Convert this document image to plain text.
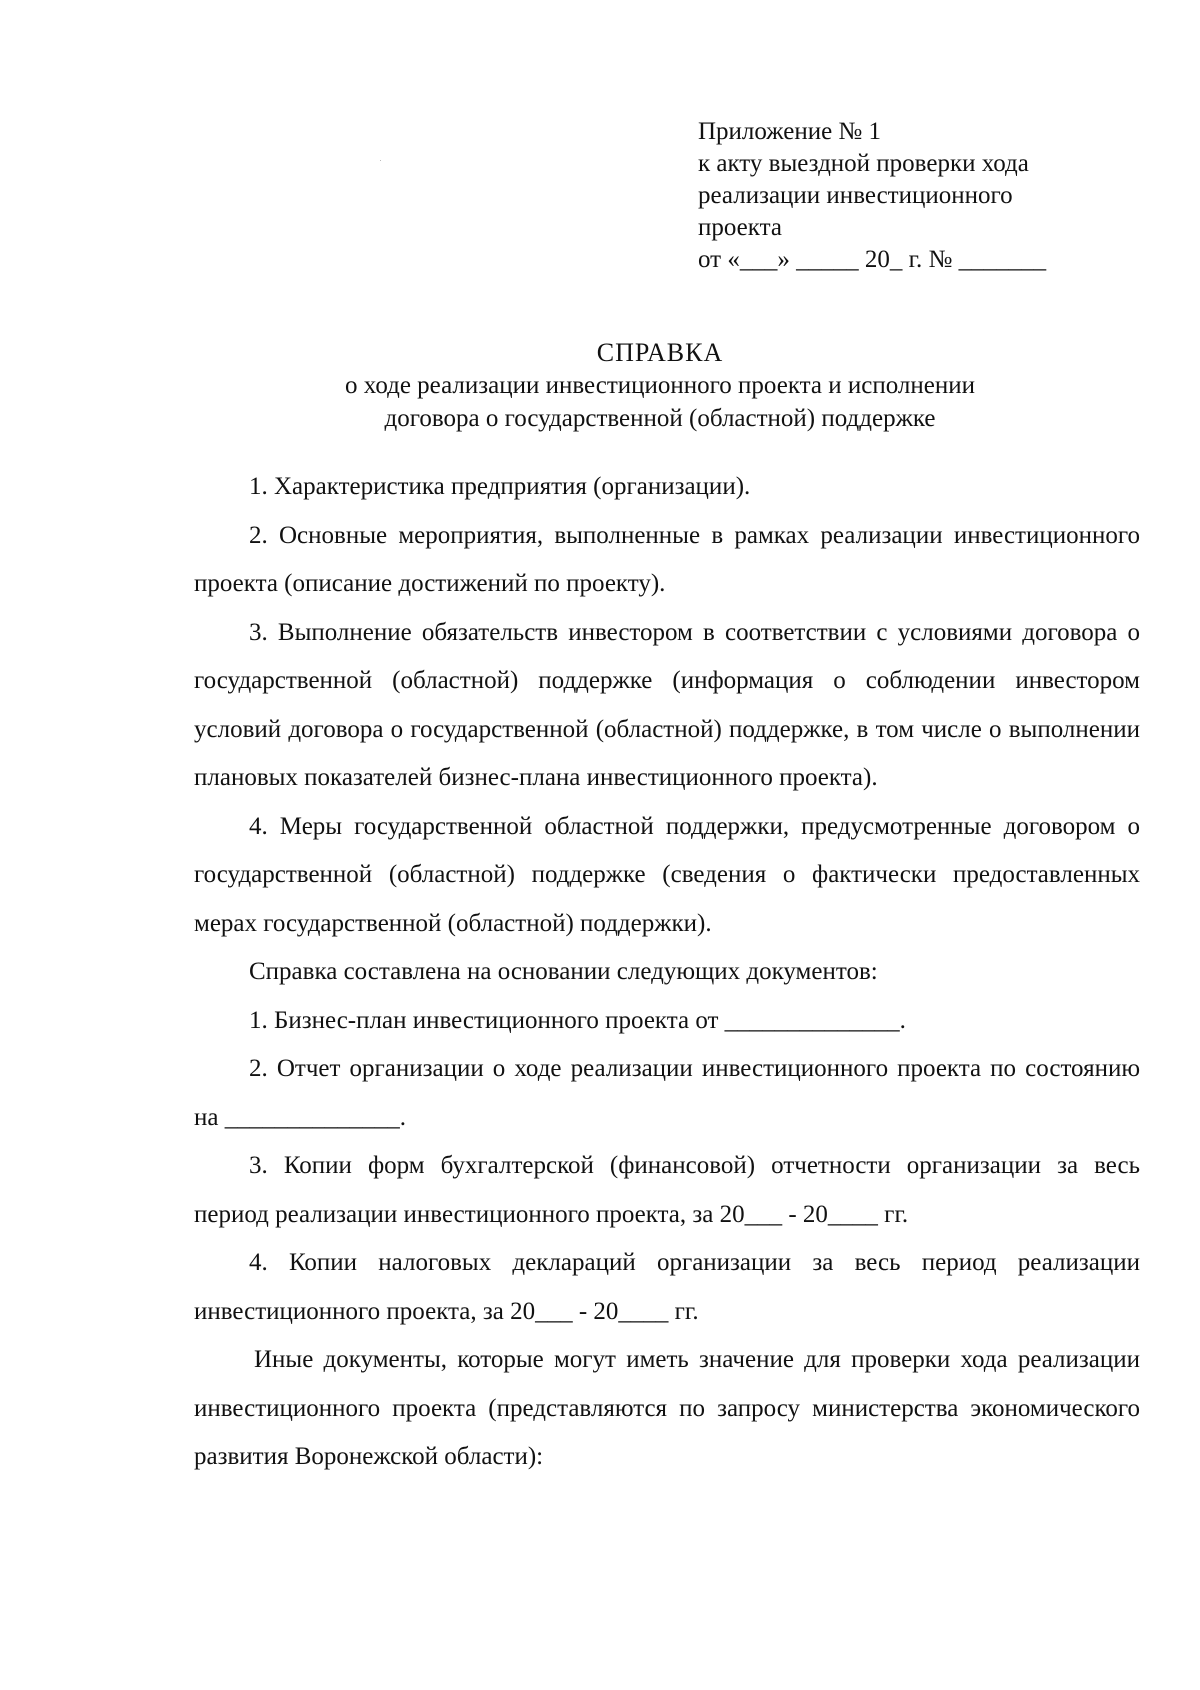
Приложение № 1
к акту выездной проверки хода
реализации инвестиционного
проекта
от «___» _____ 20_ г. № _______
СПРАВКА
о ходе реализации инвестиционного проекта и исполнении
договора о государственной (областной) поддержке

1. Характеристика предприятия (организации).

2. Основные мероприятия, выполненные в рамках реализации инвестиционного проекта (описание достижений по проекту).

3. Выполнение обязательств инвестором в соответствии с условиями договора о государственной (областной) поддержке (информация о соблюдении инвестором условий договора о государственной (областной) поддержке, в том числе о выполнении плановых показателей бизнес-плана инвестиционного проекта).

4. Меры государственной областной поддержки, предусмотренные договором о государственной (областной) поддержке (сведения о фактически предоставленных мерах государственной (областной) поддержки).

Справка составлена на основании следующих документов:

1. Бизнес-план инвестиционного проекта от ______________.

2. Отчет организации о ходе реализации инвестиционного проекта по состоянию на ______________.

3. Копии форм бухгалтерской (финансовой) отчетности организации за весь период реализации инвестиционного проекта, за 20___ - 20____ гг.

4. Копии налоговых деклараций организации за весь период реализации инвестиционного проекта, за 20___ - 20____ гг.

Иные документы, которые могут иметь значение для проверки хода реализации инвестиционного проекта (представляются по запросу министерства экономического развития Воронежской области):
